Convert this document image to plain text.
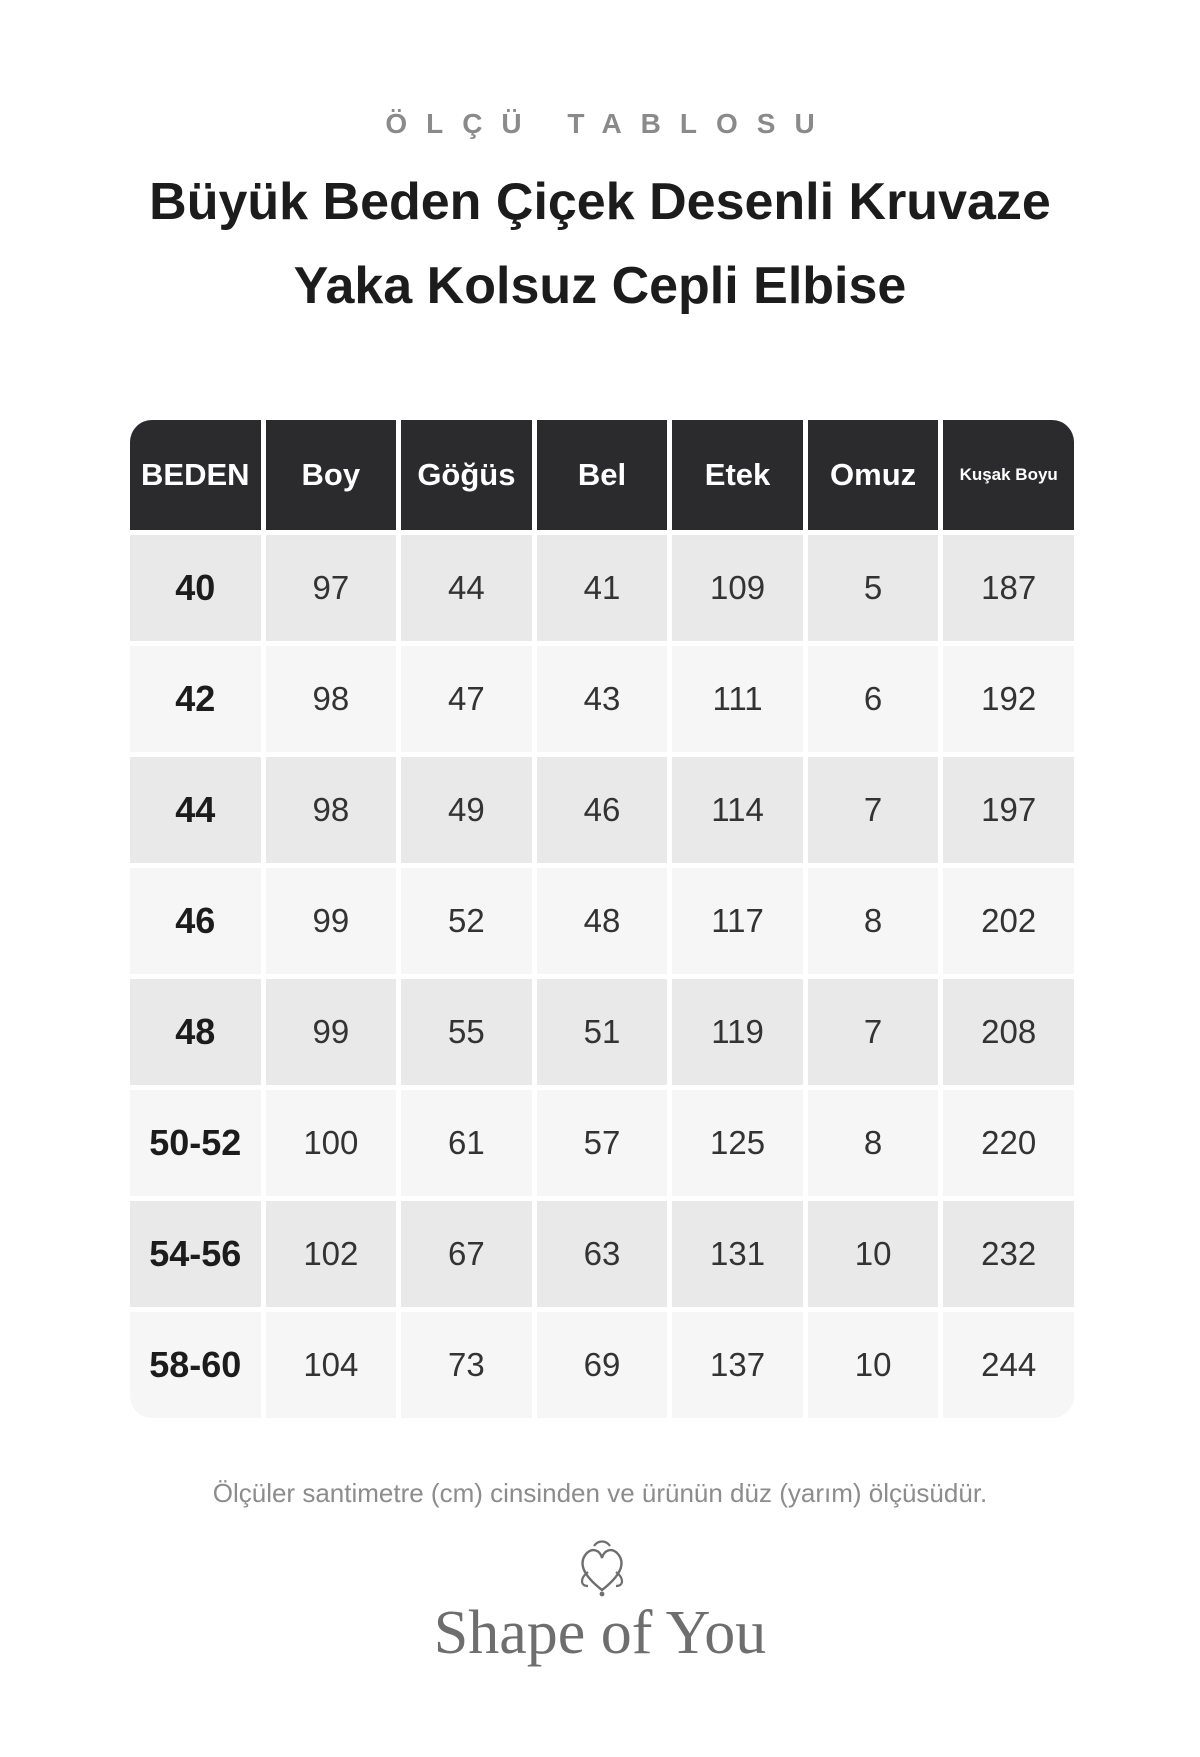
ÖLÇÜ TABLOSU
Büyük Beden Çiçek Desenli Kruvaze Yaka Kolsuz Cepli Elbise
BEDEN	Boy	Göğüs	Bel	Etek	Omuz	Kuşak Boyu
40	97	44	41	109	5	187
42	98	47	43	111	6	192
44	98	49	46	114	7	197
46	99	52	48	117	8	202
48	99	55	51	119	7	208
50-52	100	61	57	125	8	220
54-56	102	67	63	131	10	232
58-60	104	73	69	137	10	244
Ölçüler santimetre (cm) cinsinden ve ürünün düz (yarım) ölçüsüdür.
Shape of You
